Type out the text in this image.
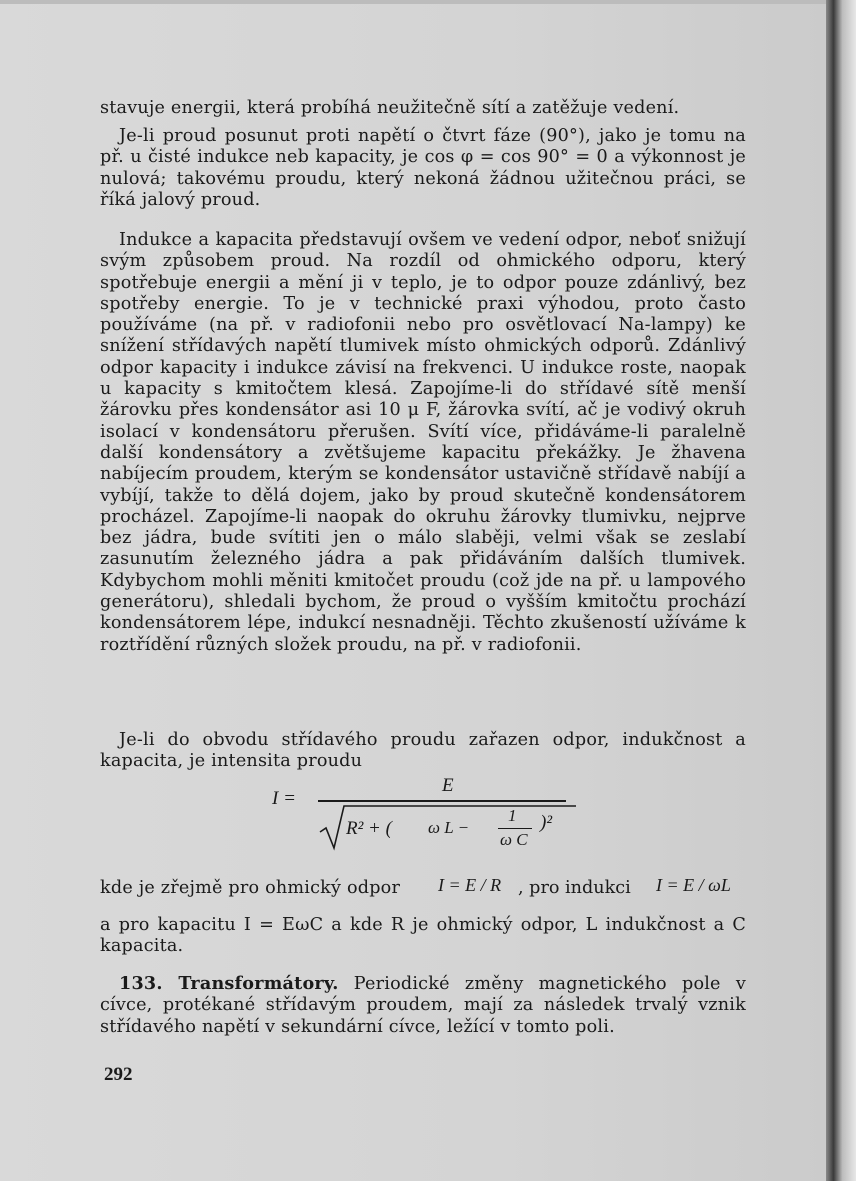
stavuje energii, která probíhá neužitečně sítí a zatěžuje vedení.

Je-li proud posunut proti napětí o čtvrt fáze (90°), jako je tomu na př. u čisté indukce neb kapacity, je cos φ = cos 90° = 0 a výkonnost je nulová; takovému proudu, který nekoná žádnou užitečnou práci, se říká jalový proud.

Indukce a kapacita představují ovšem ve vedení odpor, neboť snižují svým způsobem proud. Na rozdíl od ohmického odporu, který spotřebuje energii a mění ji v teplo, je to odpor pouze zdánlivý, bez spotřeby energie. To je v technické praxi výhodou, proto často používáme (na př. v radiofonii nebo pro osvětlovací Na-lampy) ke snížení střídavých napětí tlumivek místo ohmických odporů. Zdánlivý odpor kapacity i indukce závisí na frekvenci. U indukce roste, naopak u kapacity s kmitočtem klesá. Zapojíme-li do střídavé sítě menší žárovku přes kondensátor asi 10 μ F, žárovka svítí, ač je vodivý okruh isolací v kondensátoru přerušen. Svítí více, přidáváme-li paralelně další kondensátory a zvětšujeme kapacitu překážky. Je žhavena nabíjecím proudem, kterým se kondensátor ustavičně střídavě nabíjí a vybíjí, takže to dělá dojem, jako by proud skutečně kondensátorem procházel. Zapojíme-li naopak do okruhu žárovky tlumivku, nejprve bez jádra, bude svítiti jen o málo slaběji, velmi však se zeslabí zasunutím železného jádra a pak přidáváním dalších tlumivek. Kdybychom mohli měniti kmitočet proudu (což jde na př. u lampového generátoru), shledali bychom, že proud o vyšším kmitočtu prochází kondensátorem lépe, indukcí nesnadněji. Těchto zkušeností užíváme k roztřídění různých složek proudu, na př. v radiofonii.

Je-li do obvodu střídavého proudu zařazen odpor, indukčnost a kapacita, je intensita proudu

I =
E
R² + ( ω L −
1
ω C
)²
kde je zřejmě pro ohmický odpor	I = E / R , pro indukci I = E / ωL

a pro kapacitu I = EωC a kde R je ohmický odpor, L indukčnost a C kapacita.

133. Transformátory. Periodické změny magnetického pole v cívce, protékané střídavým proudem, mají za následek trvalý vznik střídavého napětí v sekundární cívce, ležící v tomto poli.

292
